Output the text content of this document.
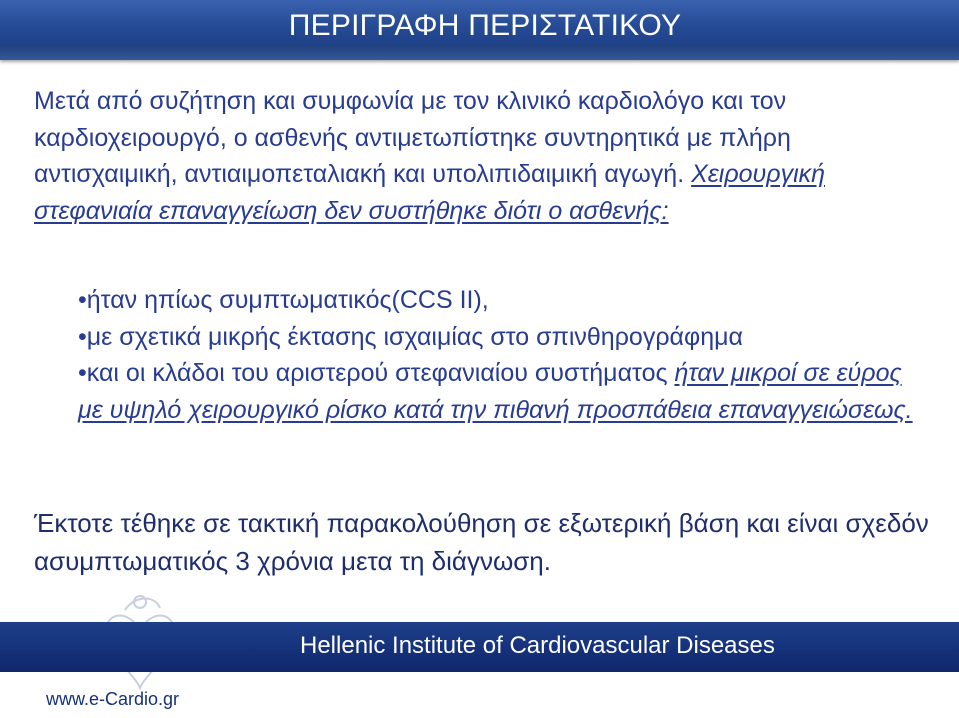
ΠΕΡΙΓΡΑΦΗ ΠΕΡΙΣΤΑΤΙΚΟΥ

Μετά από συζήτηση και συμφωνία με τον κλινικό καρδιολόγο και τον καρδιοχειρουργό, ο ασθενής αντιμετωπίστηκε συντηρητικά με πλήρη αντισχαιμική, αντιαιμοπεταλιακή και υπολιπιδαιμική αγωγή. Χειρουργική στεφανιαία επαναγγείωση δεν συστήθηκε διότι ο ασθενής:

•ήταν ηπίως συμπτωματικός(CCS II),

•με σχετικά μικρής έκτασης ισχαιμίας στο σπινθηρογράφημα

•και οι κλάδοι του αριστερού στεφανιαίου συστήματος ήταν μικροί σε εύρος με υψηλό χειρουργικό ρίσκο κατά την πιθανή προσπάθεια επαναγγειώσεως.

Έκτοτε τέθηκε σε τακτική παρακολούθηση σε εξωτερική βάση και είναι σχεδόν ασυμπτωματικός 3 χρόνια μετα τη διάγνωση.
Hellenic Institute of Cardiovascular Diseases
www.e-Cardio.gr
